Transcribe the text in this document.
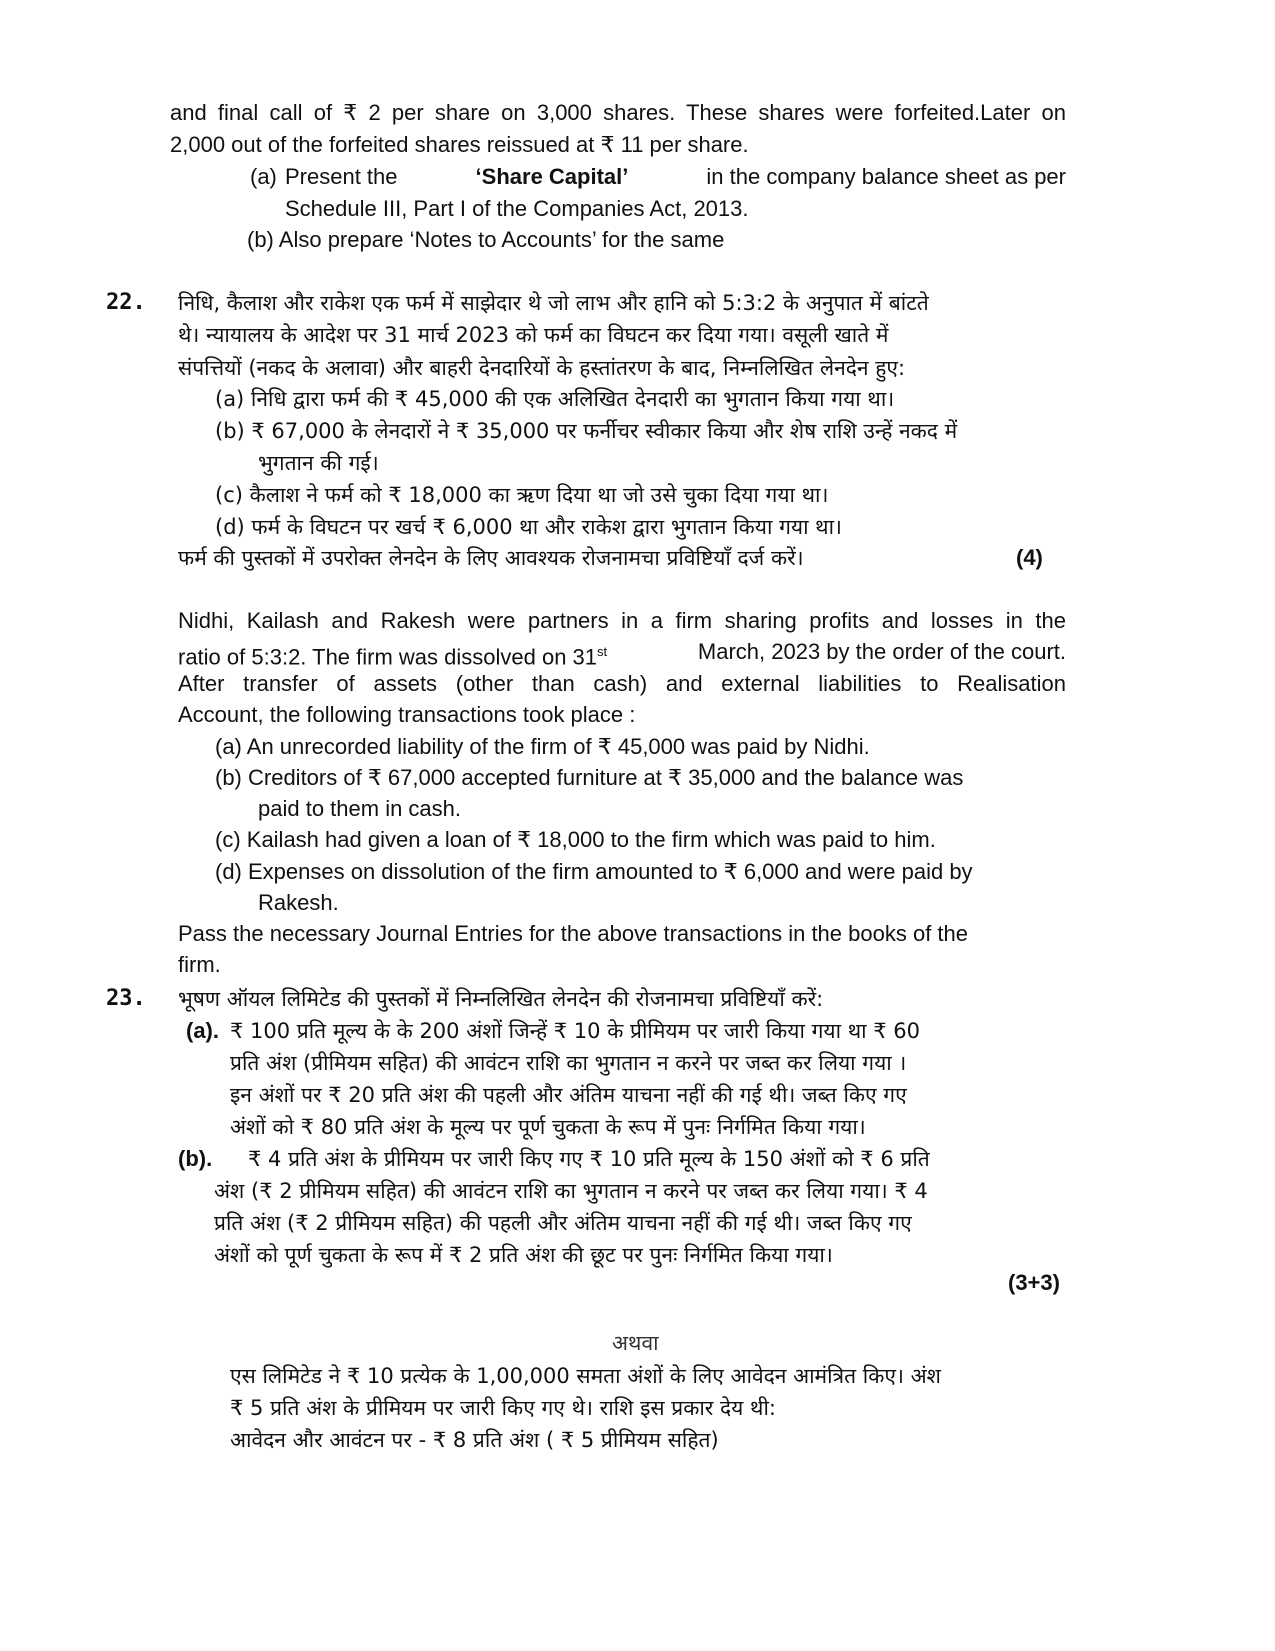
and final call of ₹ 2 per share on 3,000 shares. These shares were forfeited.Later on
2,000 out of the forfeited shares reissued at ₹ 11 per share.
(a) Present the	‘Share Capital’	in the company balance sheet as per
Schedule III, Part I of the Companies Act, 2013.
(b) Also prepare ‘Notes to Accounts’ for the same
22. निधि, कैलाश और राकेश एक फर्म में साझेदार थे जो लाभ और हानि को 5:3:2 के अनुपात में बांटते
थे। न्यायालय के आदेश पर 31 मार्च 2023 को फर्म का विघटन कर दिया गया। वसूली खाते में
संपत्तियों (नकद के अलावा) और बाहरी देनदारियों के हस्तांतरण के बाद, निम्नलिखित लेनदेन हुए:
(a) निधि द्वारा फर्म की ₹ 45,000 की एक अलिखित देनदारी का भुगतान किया गया था।
(b) ₹ 67,000 के लेनदारों ने ₹ 35,000 पर फर्नीचर स्वीकार किया और शेष राशि उन्हें नकद में
भुगतान की गई।
(c) कैलाश ने फर्म को ₹ 18,000 का ऋण दिया था जो उसे चुका दिया गया था।
(d) फर्म के विघटन पर खर्च ₹ 6,000 था और राकेश द्वारा भुगतान किया गया था।
फर्म की पुस्तकों में उपरोक्त लेनदेन के लिए आवश्यक रोजनामचा प्रविष्टियाँ दर्ज करें।	(4)
Nidhi, Kailash and Rakesh were partners in a firm sharing profits and losses in the
ratio of 5:3:2. The firm was dissolved on 31st	March, 2023 by the order of the court.
After transfer of assets (other than cash) and external liabilities to Realisation
Account, the following transactions took place :
(a) An unrecorded liability of the firm of ₹ 45,000 was paid by Nidhi.
(b) Creditors of ₹ 67,000 accepted furniture at ₹ 35,000 and the balance was
paid to them in cash.
(c) Kailash had given a loan of ₹ 18,000 to the firm which was paid to him.
(d) Expenses on dissolution of the firm amounted to ₹ 6,000 and were paid by
Rakesh.
Pass the necessary Journal Entries for the above transactions in the books of the
firm.
23. भूषण ऑयल लिमिटेड की पुस्तकों में निम्नलिखित लेनदेन की रोजनामचा प्रविष्टियाँ करें:
(a). ₹ 100 प्रति मूल्य के के 200 अंशों जिन्हें ₹ 10 के प्रीमियम पर जारी किया गया था ₹ 60
प्रति अंश (प्रीमियम सहित) की आवंटन राशि का भुगतान न करने पर जब्त कर लिया गया ।
इन अंशों पर ₹ 20 प्रति अंश की पहली और अंतिम याचना नहीं की गई थी। जब्त किए गए
अंशों को ₹ 80 प्रति अंश के मूल्य पर पूर्ण चुकता के रूप में पुनः निर्गमित किया गया।
(b). ₹ 4 प्रति अंश के प्रीमियम पर जारी किए गए ₹ 10 प्रति मूल्य के 150 अंशों को ₹ 6 प्रति
अंश (₹ 2 प्रीमियम सहित) की आवंटन राशि का भुगतान न करने पर जब्त कर लिया गया। ₹ 4
प्रति अंश (₹ 2 प्रीमियम सहित) की पहली और अंतिम याचना नहीं की गई थी। जब्त किए गए
अंशों को पूर्ण चुकता के रूप में ₹ 2 प्रति अंश की छूट पर पुनः निर्गमित किया गया।
(3+3)
अथवा
एस लिमिटेड ने ₹ 10 प्रत्येक के 1,00,000 समता अंशों के लिए आवेदन आमंत्रित किए। अंश
₹ 5 प्रति अंश के प्रीमियम पर जारी किए गए थे। राशि इस प्रकार देय थी:
आवेदन और आवंटन पर - ₹ 8 प्रति अंश ( ₹ 5 प्रीमियम सहित)
